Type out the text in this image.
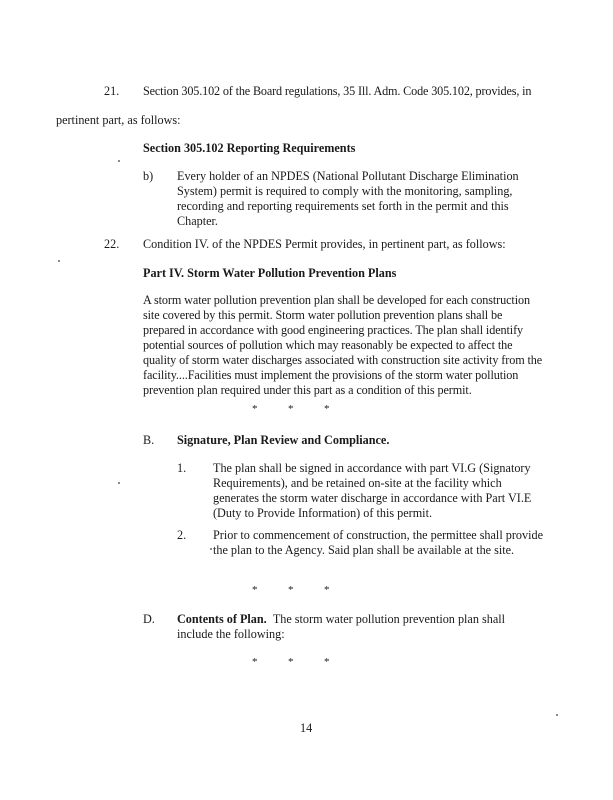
21. Section 305.102 of the Board regulations, 35 Ill. Adm. Code 305.102, provides, in
pertinent part, as follows:
Section 305.102 Reporting Requirements
b) Every holder of an NPDES (National Pollutant Discharge Elimination System) permit is required to comply with the monitoring, sampling, recording and reporting requirements set forth in the permit and this Chapter.
22. Condition IV. of the NPDES Permit provides, in pertinent part, as follows:
Part IV. Storm Water Pollution Prevention Plans
A storm water pollution prevention plan shall be developed for each construction site covered by this permit. Storm water pollution prevention plans shall be prepared in accordance with good engineering practices. The plan shall identify potential sources of pollution which may reasonably be expected to affect the quality of storm water discharges associated with construction site activity from the facility....Facilities must implement the provisions of the storm water pollution prevention plan required under this part as a condition of this permit.
*	*	*
B. Signature, Plan Review and Compliance.
1. The plan shall be signed in accordance with part VI.G (Signatory Requirements), and be retained on-site at the facility which generates the storm water discharge in accordance with Part VI.E (Duty to Provide Information) of this permit.
2. Prior to commencement of construction, the permittee shall provide the plan to the Agency. Said plan shall be available at the site.
*	*	*
D. Contents of Plan. The storm water pollution prevention plan shall include the following:
*	*	*
14
